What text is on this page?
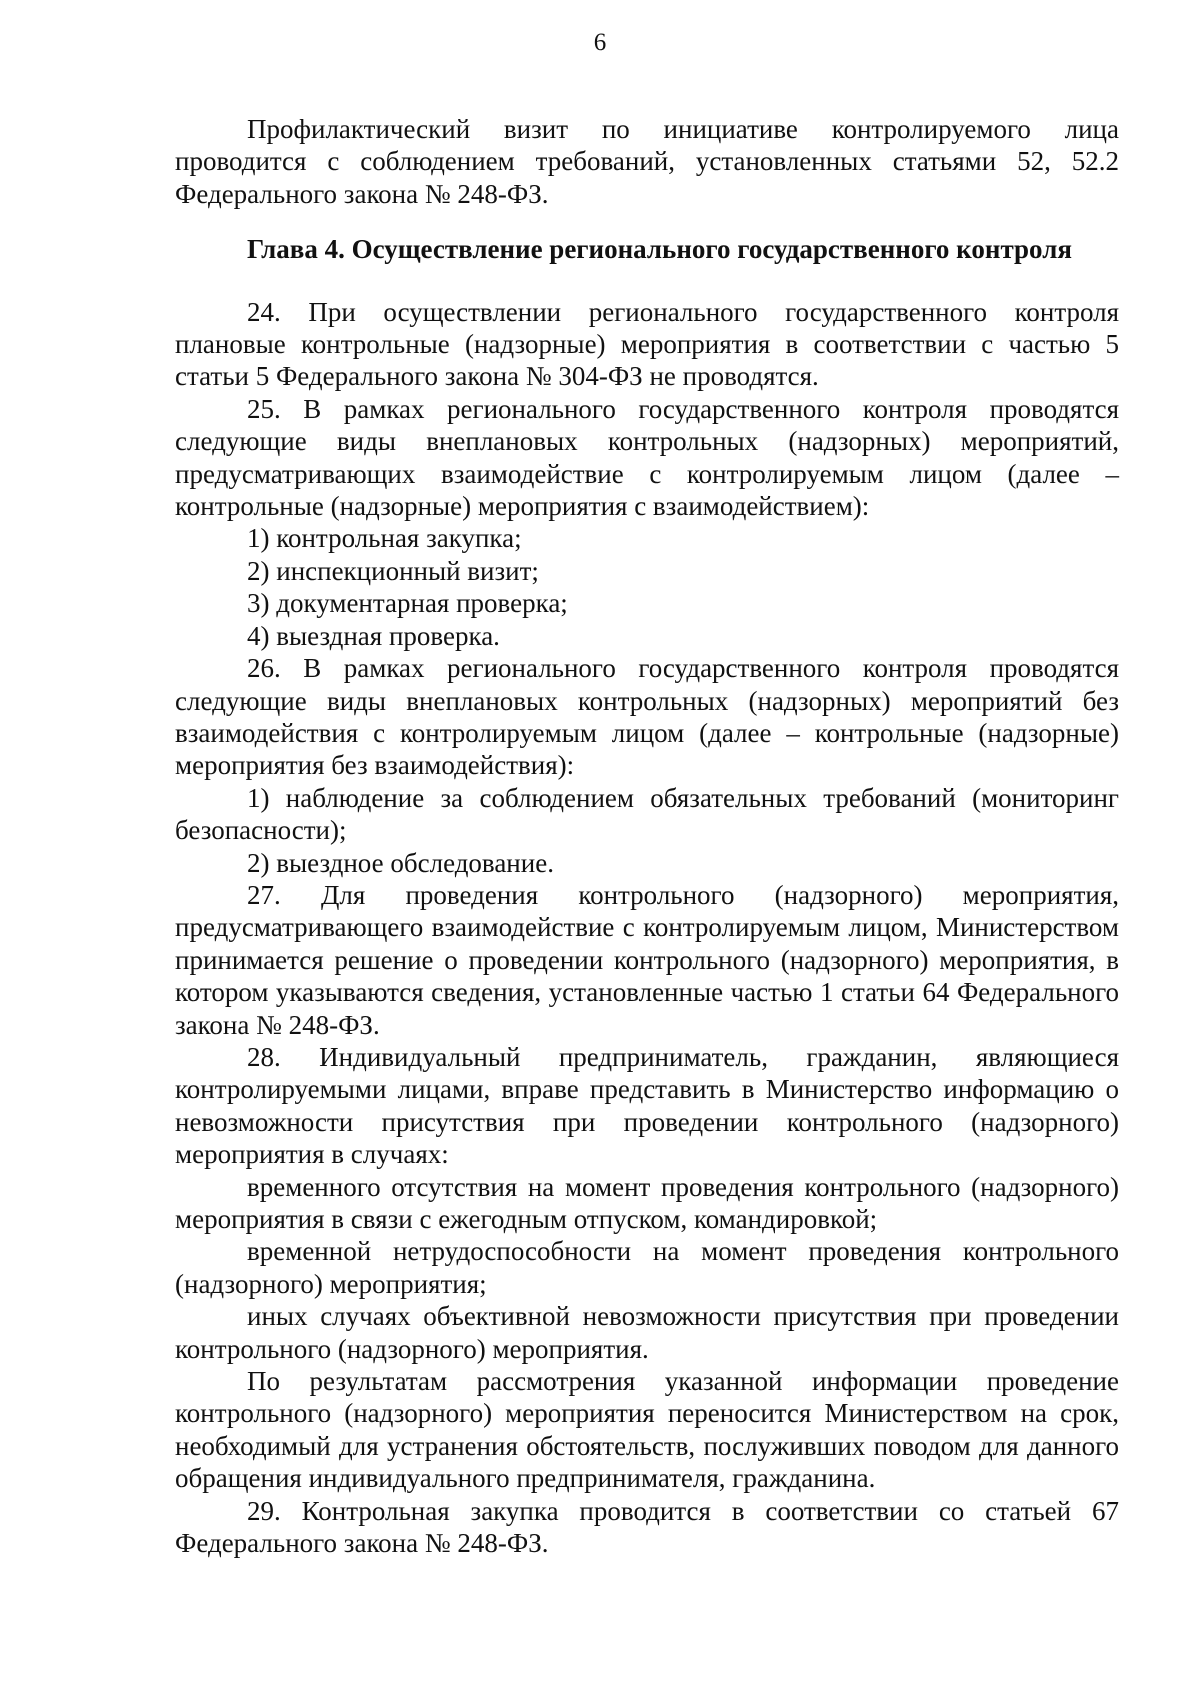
6

Профилактический визит по инициативе контролируемого лица проводится с соблюдением требований, установленных статьями 52, 52.2 Федерального закона № 248-ФЗ.

Глава 4. Осуществление регионального государственного контроля

24. При осуществлении регионального государственного контроля плановые контрольные (надзорные) мероприятия в соответствии с частью 5 статьи 5 Федерального закона № 304-ФЗ не проводятся.

25. В рамках регионального государственного контроля проводятся следующие виды внеплановых контрольных (надзорных) мероприятий, предусматривающих взаимодействие с контролируемым лицом (далее – контрольные (надзорные) мероприятия с взаимодействием):

1) контрольная закупка;

2) инспекционный визит;

3) документарная проверка;

4) выездная проверка.

26. В рамках регионального государственного контроля проводятся следующие виды внеплановых контрольных (надзорных) мероприятий без взаимодействия с контролируемым лицом (далее – контрольные (надзорные) мероприятия без взаимодействия):

1) наблюдение за соблюдением обязательных требований (мониторинг безопасности);

2) выездное обследование.

27. Для проведения контрольного (надзорного) мероприятия, предусматривающего взаимодействие с контролируемым лицом, Министерством принимается решение о проведении контрольного (надзорного) мероприятия, в котором указываются сведения, установленные частью 1 статьи 64 Федерального закона № 248-ФЗ.

28. Индивидуальный предприниматель, гражданин, являющиеся контролируемыми лицами, вправе представить в Министерство информацию о невозможности присутствия при проведении контрольного (надзорного) мероприятия в случаях:

временного отсутствия на момент проведения контрольного (надзорного) мероприятия в связи с ежегодным отпуском, командировкой;

временной нетрудоспособности на момент проведения контрольного (надзорного) мероприятия;

иных случаях объективной невозможности присутствия при проведении контрольного (надзорного) мероприятия.

По результатам рассмотрения указанной информации проведение контрольного (надзорного) мероприятия переносится Министерством на срок, необходимый для устранения обстоятельств, послуживших поводом для данного обращения индивидуального предпринимателя, гражданина.

29. Контрольная закупка проводится в соответствии со статьей 67 Федерального закона № 248-ФЗ.
